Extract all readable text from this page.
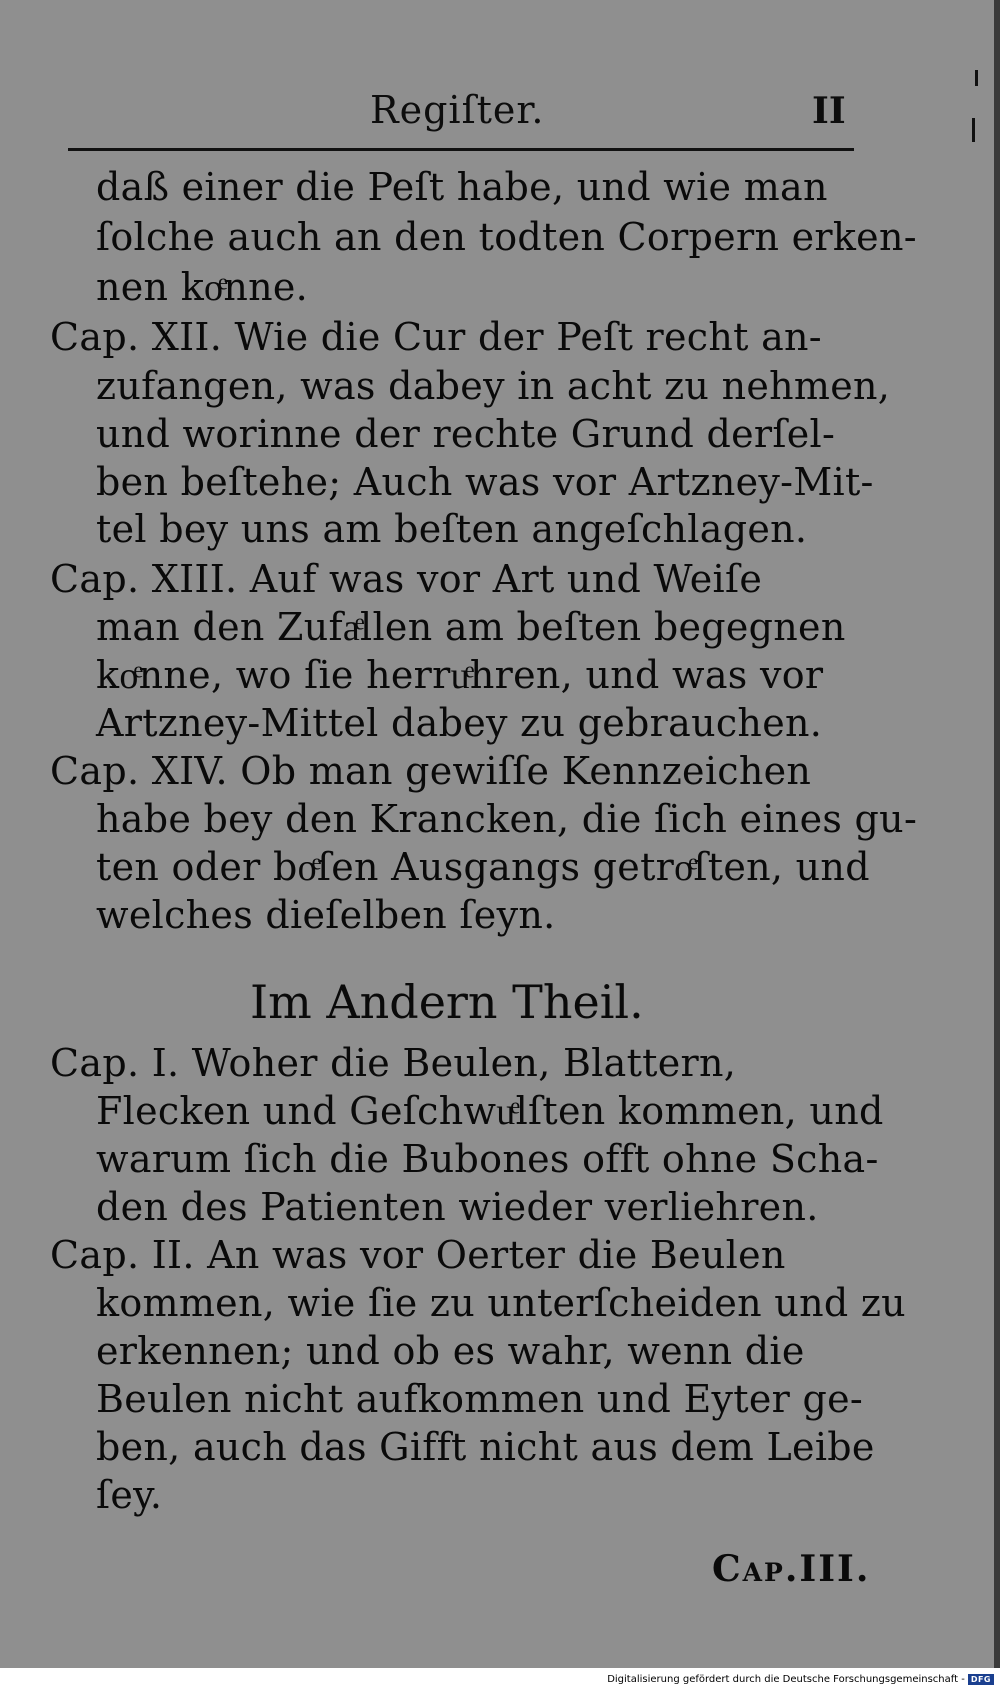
Regiſter.	II
daß einer die Peſt habe, und wie man
ſolche auch an den todten Corpern erken-
nen koͤnne.
Cap. XII. Wie die Cur der Peſt recht an-
zufangen, was dabey in acht zu nehmen,
und worinne der rechte Grund derſel-
ben beſtehe; Auch was vor Artzney-Mit-
tel bey uns am beſten angeſchlagen.
Cap. XIII. Auf was vor Art und Weiſe
man den Zufaͤllen am beſten begegnen
koͤnne, wo ſie herruͤhren, und was vor
Artzney-Mittel dabey zu gebrauchen.
Cap. XIV. Ob man gewiſſe Kennzeichen
habe bey den Krancken, die ſich eines gu-
ten oder boͤſen Ausgangs getroͤſten, und
welches dieſelben ſeyn.
Im Andern Theil.
Cap. I. Woher die Beulen, Blattern,
Flecken und Geſchwuͤlſten kommen, und
warum ſich die Bubones offt ohne Scha-
den des Patienten wieder verliehren.
Cap. II. An was vor Oerter die Beulen
kommen, wie ſie zu unterſcheiden und zu
erkennen; und ob es wahr, wenn die
Beulen nicht aufkommen und Eyter ge-
ben, auch das Gifft nicht aus dem Leibe
ſey.
Cap.III.
Digitalisierung gefördert durch die Deutsche Forschungsgemeinschaft - DFG
